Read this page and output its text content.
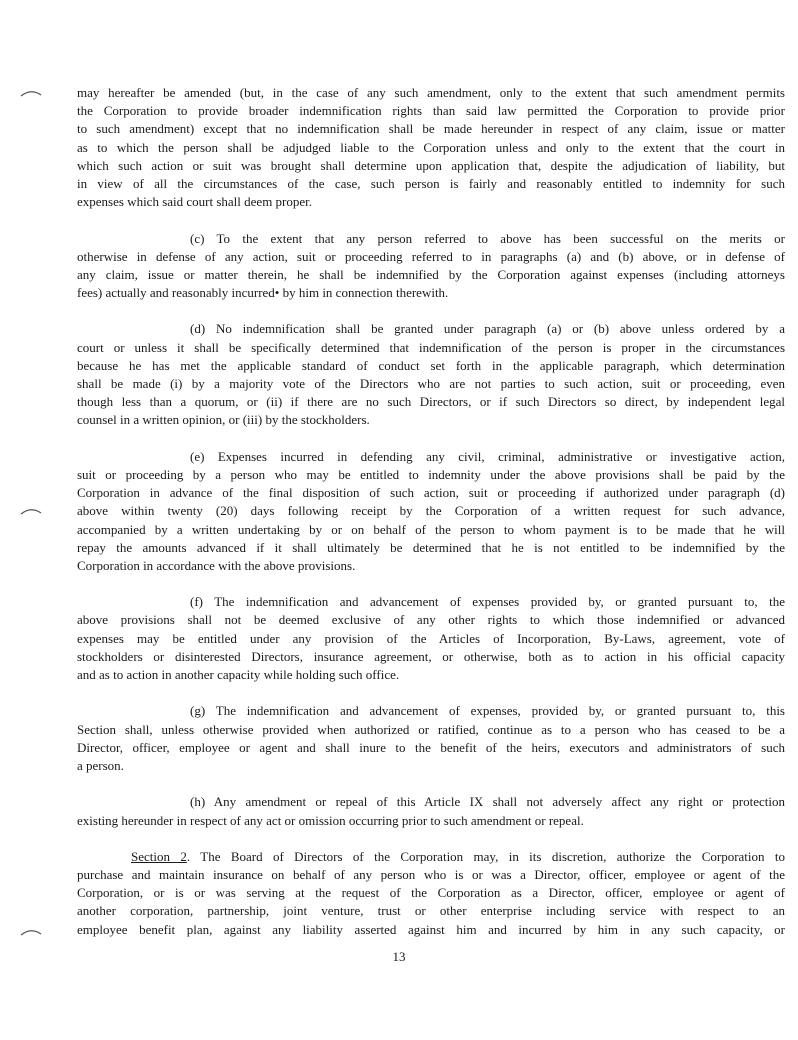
may hereafter be amended (but, in the case of any such amendment, only to the extent that such amendment permits
the Corporation to provide broader indemnification rights than said law permitted the Corporation to provide prior
to such amendment) except that no indemnification shall be made hereunder in respect of any claim, issue or matter
as to which the person shall be adjudged liable to the Corporation unless and only to the extent that the court in
which such action or suit was brought shall determine upon application that, despite the adjudication of liability, but
in view of all the circumstances of the case, such person is fairly and reasonably entitled to indemnity for such
expenses which said court shall deem proper.
(c) To the extent that any person referred to above has been successful on the merits or
otherwise in defense of any action, suit or proceeding referred to in paragraphs (a) and (b) above, or in defense of
any claim, issue or matter therein, he shall be indemnified by the Corporation against expenses (including attorneys
fees) actually and reasonably incurred• by him in connection therewith.
(d) No indemnification shall be granted under paragraph (a) or (b) above unless ordered by a
court or unless it shall be specifically determined that indemnification of the person is proper in the circumstances
because he has met the applicable standard of conduct set forth in the applicable paragraph, which determination
shall be made (i) by a majority vote of the Directors who are not parties to such action, suit or proceeding, even
though less than a quorum, or (ii) if there are no such Directors, or if such Directors so direct, by independent legal
counsel in a written opinion, or (iii) by the stockholders.
(e) Expenses incurred in defending any civil, criminal, administrative or investigative action,
suit or proceeding by a person who may be entitled to indemnity under the above provisions shall be paid by the
Corporation in advance of the final disposition of such action, suit or proceeding if authorized under paragraph (d)
above within twenty (20) days following receipt by the Corporation of a written request for such advance,
accompanied by a written undertaking by or on behalf of the person to whom payment is to be made that he will
repay the amounts advanced if it shall ultimately be determined that he is not entitled to be indemnified by the
Corporation in accordance with the above provisions.
(f) The indemnification and advancement of expenses provided by, or granted pursuant to, the
above provisions shall not be deemed exclusive of any other rights to which those indemnified or advanced
expenses may be entitled under any provision of the Articles of Incorporation, By-Laws, agreement, vote of
stockholders or disinterested Directors, insurance agreement, or otherwise, both as to action in his official capacity
and as to action in another capacity while holding such office.
(g) The indemnification and advancement of expenses, provided by, or granted pursuant to, this
Section shall, unless otherwise provided when authorized or ratified, continue as to a person who has ceased to be a
Director, officer, employee or agent and shall inure to the benefit of the heirs, executors and administrators of such
a person.
(h) Any amendment or repeal of this Article IX shall not adversely affect any right or protection
existing hereunder in respect of any act or omission occurring prior to such amendment or repeal.
Section 2. The Board of Directors of the Corporation may, in its discretion, authorize the Corporation to
purchase and maintain insurance on behalf of any person who is or was a Director, officer, employee or agent of the
Corporation, or is or was serving at the request of the Corporation as a Director, officer, employee or agent of
another corporation, partnership, joint venture, trust or other enterprise including service with respect to an
employee benefit plan, against any liability asserted against him and incurred by him in any such capacity, or
13
